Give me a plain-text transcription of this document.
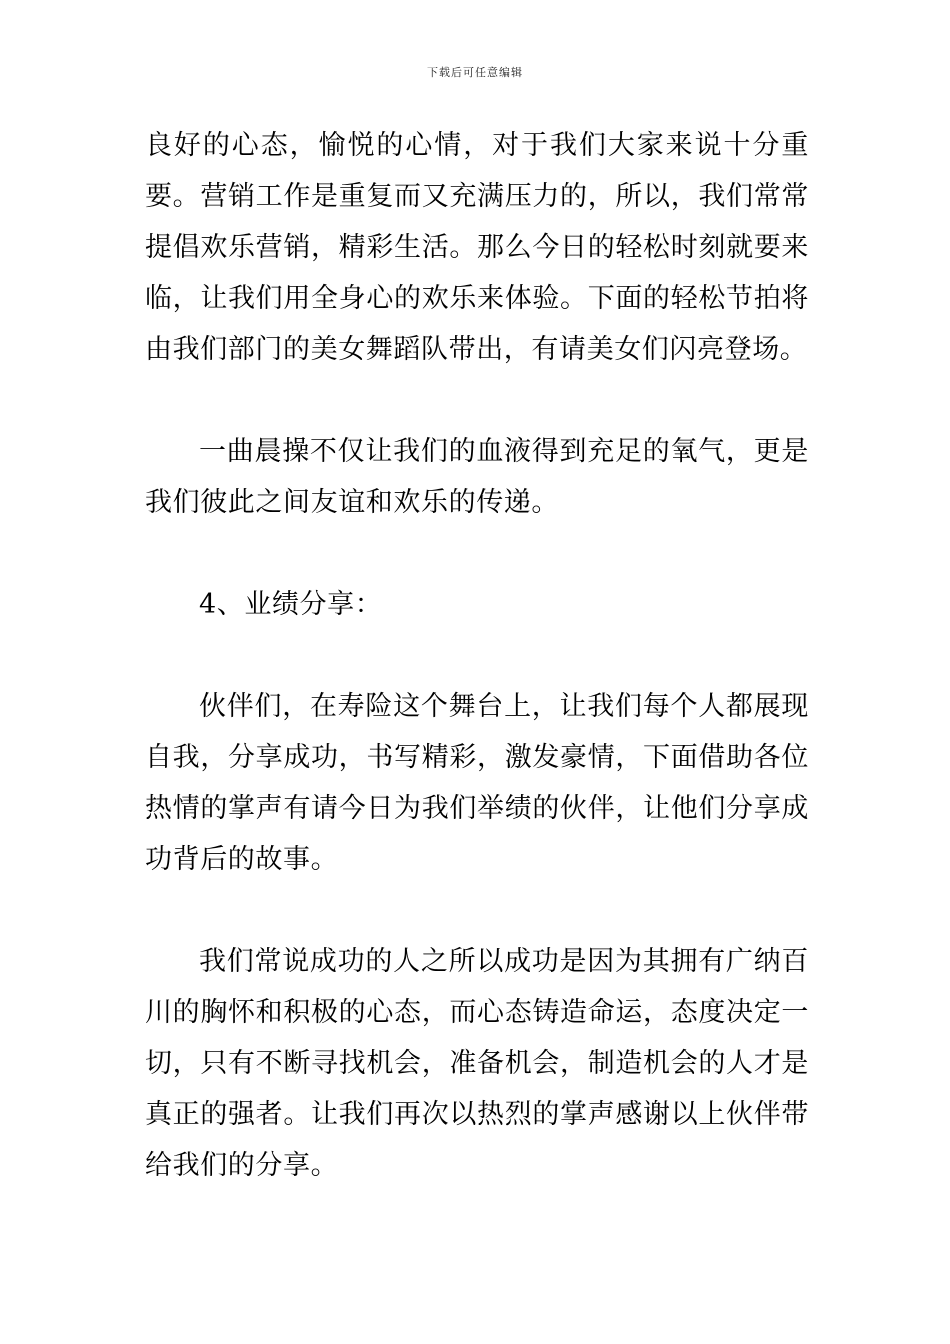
下载后可任意编辑

良好的心态，愉悦的心情，对于我们大家来说十分重要。营销工作是重复而又充满压力的，所以，我们常常提倡欢乐营销，精彩生活。那么今日的轻松时刻就要来临，让我们用全身心的欢乐来体验。下面的轻松节拍将由我们部门的美女舞蹈队带出，有请美女们闪亮登场。

一曲晨操不仅让我们的血液得到充足的氧气，更是我们彼此之间友谊和欢乐的传递。

4、业绩分享：

伙伴们，在寿险这个舞台上，让我们每个人都展现自我，分享成功，书写精彩，激发豪情，下面借助各位热情的掌声有请今日为我们举绩的伙伴，让他们分享成功背后的故事。

我们常说成功的人之所以成功是因为其拥有广纳百川的胸怀和积极的心态，而心态铸造命运，态度决定一切，只有不断寻找机会，准备机会，制造机会的人才是真正的强者。让我们再次以热烈的掌声感谢以上伙伴带给我们的分享。
